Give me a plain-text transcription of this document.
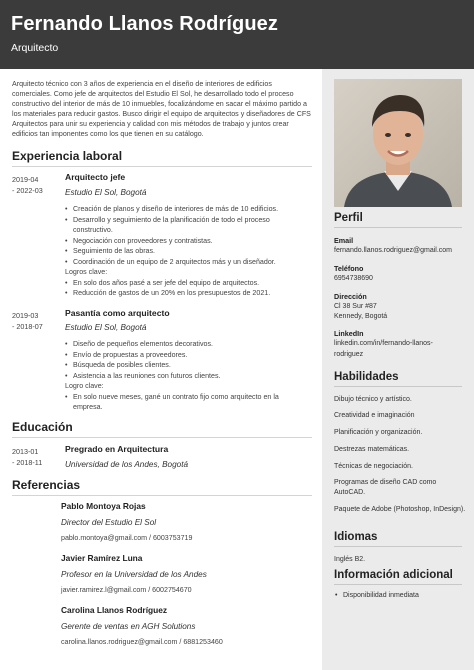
Fernando Llanos Rodríguez
Arquitecto

Arquitecto técnico con 3 años de experiencia en el diseño de interiores de edificios comerciales. Como jefe de arquitectos del Estudio El Sol, he desarrollado todo el proceso constructivo del interior de más de 10 inmuebles, focalizándome en sacar el máximo partido a los materiales para reducir gastos. Busco dirigir el equipo de arquitectos y diseñadores de CFS Arquitectos para unir su experiencia y calidad con mis métodos de trabajo y juntos crear edificios tan imponentes como los que tienen en su catálogo.

Experiencia laboral
2019-04
- 2022-03
Arquitecto jefe
Estudio El Sol, Bogotá
• Creación de planos y diseño de interiores de más de 10 edificios.
• Desarrollo y seguimiento de la planificación de todo el proceso
constructivo.
• Negociación con proveedores y contratistas.
• Seguimiento de las obras.
• Coordinación de un equipo de 2 arquitectos más y un diseñador.
Logros clave:
• En solo dos años pasé a ser jefe del equipo de arquitectos.
• Reducción de gastos de un 20% en los presupuestos de 2021.
2019-03
- 2018-07
Pasantía como arquitecto
Estudio El Sol, Bogotá
• Diseño de pequeños elementos decorativos.
• Envío de propuestas a proveedores.
• Búsqueda de posibles clientes.
• Asistencia a las reuniones con futuros clientes.
Logro clave:
• En solo nueve meses, gané un contrato fijo como arquitecto en la
empresa.
Educación
2013-01
- 2018-11
Pregrado en Arquitectura
Universidad de los Andes, Bogotá
Referencias
Pablo Montoya Rojas
Director del Estudio El Sol
pablo.montoya@gmail.com / 6003753719
Javier Ramírez Luna
Profesor en la Universidad de los Andes
javier.ramirez.l@gmail.com / 6002754670
Carolina Llanos Rodríguez
Gerente de ventas en AGH Solutions
carolina.llanos.rodriguez@gmail.com / 6881253460
Perfil
Email
fernando.llanos.rodriguez@gmail.com
Teléfono
6954738690
Dirección
Cl 38 Sur #87
Kennedy, Bogotá
LinkedIn
linkedin.com/in/fernando-llanos-
rodriguez
Habilidades
Dibujo técnico y artístico.
Creatividad e imaginación
Planificación y organización.
Destrezas matemáticas.
Técnicas de negociación.
Programas de diseño CAD como AutoCAD.
Paquete de Adobe (Photoshop, InDesign).
Idiomas
Inglés B2.
Información adicional
• Disponibilidad inmediata
